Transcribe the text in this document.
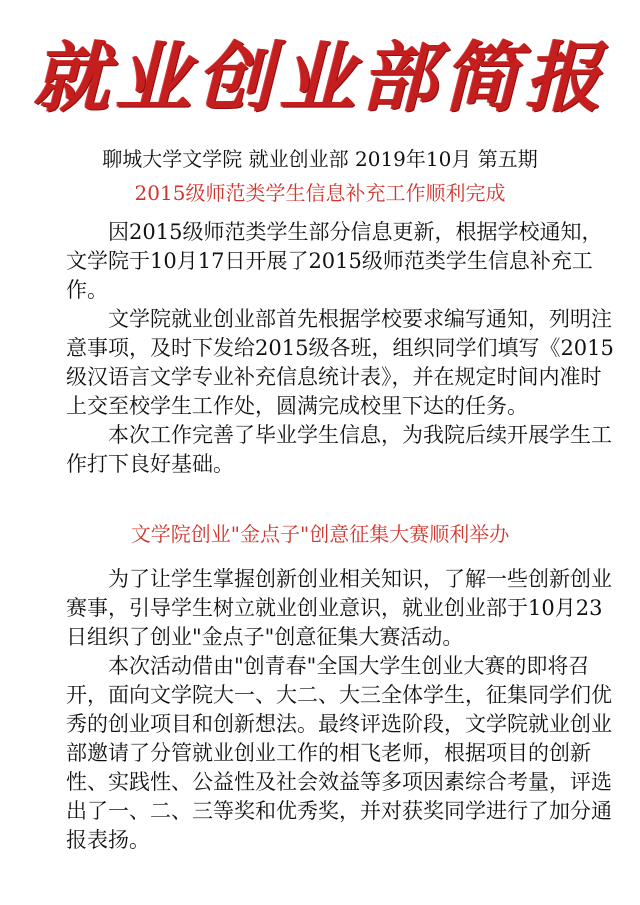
就业创业部简报
聊城大学文学院 就业创业部 2019年10月 第五期
2015级师范类学生信息补充工作顺利完成

因2015级师范类学生部分信息更新，根据学校通知，文学院于10月17日开展了2015级师范类学生信息补充工作。

文学院就业创业部首先根据学校要求编写通知，列明注意事项，及时下发给2015级各班，组织同学们填写《2015级汉语言文学专业补充信息统计表》，并在规定时间内准时上交至校学生工作处，圆满完成校里下达的任务。

本次工作完善了毕业学生信息，为我院后续开展学生工作打下良好基础。

文学院创业"金点子"创意征集大赛顺利举办

为了让学生掌握创新创业相关知识，了解一些创新创业赛事，引导学生树立就业创业意识，就业创业部于10月23日组织了创业"金点子"创意征集大赛活动。

本次活动借由"创青春"全国大学生创业大赛的即将召开，面向文学院大一、大二、大三全体学生，征集同学们优秀的创业项目和创新想法。最终评选阶段，文学院就业创业部邀请了分管就业创业工作的相飞老师，根据项目的创新性、实践性、公益性及社会效益等多项因素综合考量，评选出了一、二、三等奖和优秀奖，并对获奖同学进行了加分通报表扬。
